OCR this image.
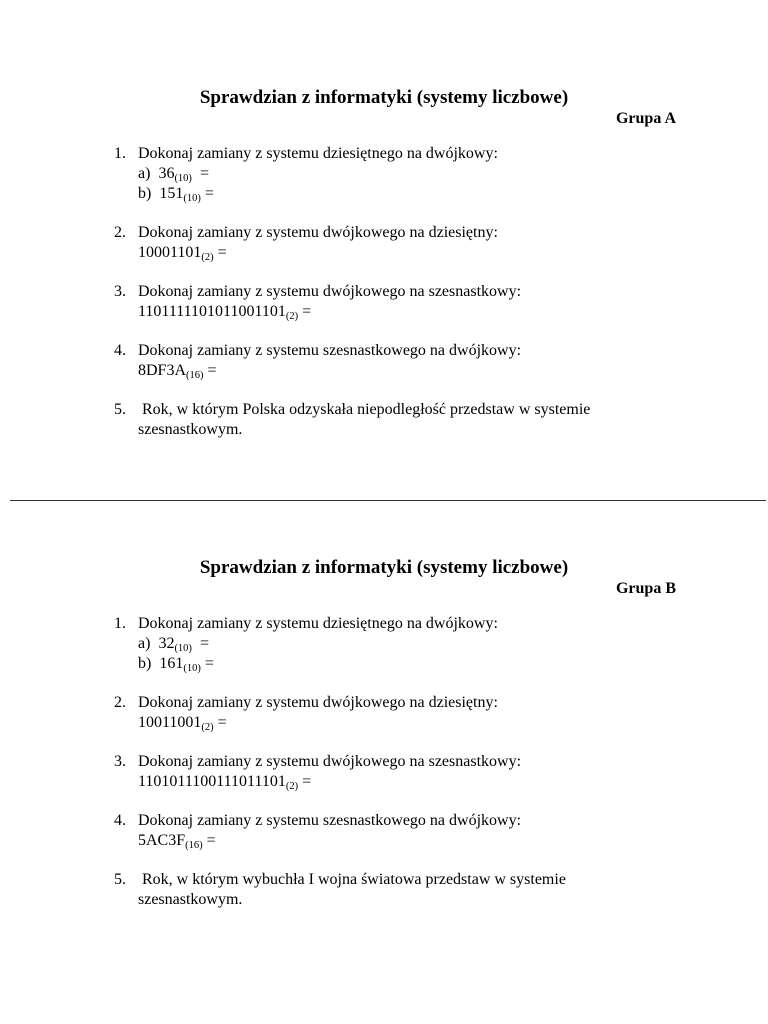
Sprawdzian z informatyki (systemy liczbowe)
Grupa A
1. Dokonaj zamiany z systemu dziesiętnego na dwójkowy:
a) $36_{(10)}$ =
b) $151_{(10)}$ =
2. Dokonaj zamiany z systemu dwójkowego na dziesiętny:
$10001101_{(2)}$ =
3. Dokonaj zamiany z systemu dwójkowego na szesnastkowy:
$1101111101011001101_{(2)}$ =
4. Dokonaj zamiany z systemu szesnastkowego na dwójkowy:
$8DF3A_{(16)}$ =
5. Rok, w którym Polska odzyskała niepodległość przedstaw w systemie
szesnastkowym.
Sprawdzian z informatyki (systemy liczbowe)
Grupa B
1. Dokonaj zamiany z systemu dziesiętnego na dwójkowy:
a) $32_{(10)}$ =
b) $161_{(10)}$ =
2. Dokonaj zamiany z systemu dwójkowego na dziesiętny:
$10011001_{(2)}$ =
3. Dokonaj zamiany z systemu dwójkowego na szesnastkowy:
$1101011100111011101_{(2)}$ =
4. Dokonaj zamiany z systemu szesnastkowego na dwójkowy:
$5AC3F_{(16)}$ =
5. Rok, w którym wybuchła I wojna światowa przedstaw w systemie
szesnastkowym.
